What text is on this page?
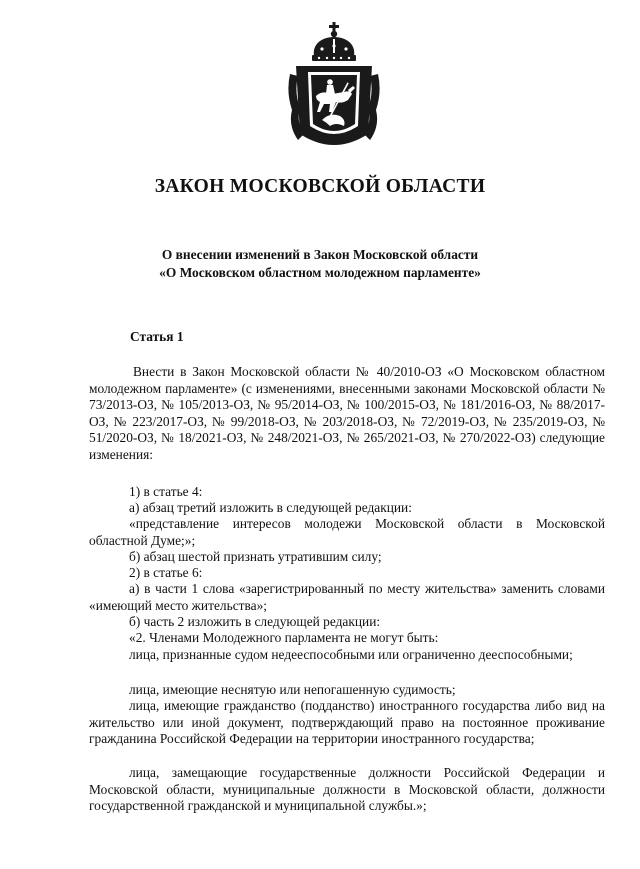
ЗАКОН МОСКОВСКОЙ ОБЛАСТИ
О внесении изменений в Закон Московской области
«О Московском областном молодежном парламенте»
Статья 1
Внести в Закон Московской области № 40/2010-ОЗ «О Московском областном молодежном парламенте» (с изменениями, внесенными законами Московской области № 73/2013-ОЗ, № 105/2013-ОЗ, № 95/2014-ОЗ, № 100/2015-ОЗ, № 181/2016-ОЗ, № 88/2017-ОЗ, № 223/2017-ОЗ, № 99/2018-ОЗ, № 203/2018-ОЗ, № 72/2019-ОЗ, № 235/2019-ОЗ, № 51/2020-ОЗ, № 18/2021-ОЗ, № 248/2021-ОЗ, № 265/2021-ОЗ, № 270/2022-ОЗ) следующие изменения:
1) в статье 4:
а) абзац третий изложить в следующей редакции:
«представление интересов молодежи Московской области в Московской областной Думе;»;
б) абзац шестой признать утратившим силу;
2) в статье 6:
а) в части 1 слова «зарегистрированный по месту жительства» заменить словами «имеющий место жительства»;
б) часть 2 изложить в следующей редакции:
«2. Членами Молодежного парламента не могут быть:
лица, признанные судом недееспособными или ограниченно дееспособными;
лица, имеющие неснятую или непогашенную судимость;
лица, имеющие гражданство (подданство) иностранного государства либо вид на жительство или иной документ, подтверждающий право на постоянное проживание гражданина Российской Федерации на территории иностранного государства;
лица, замещающие государственные должности Российской Федерации и Московской области, муниципальные должности в Московской области, должности государственной гражданской и муниципальной службы.»;
